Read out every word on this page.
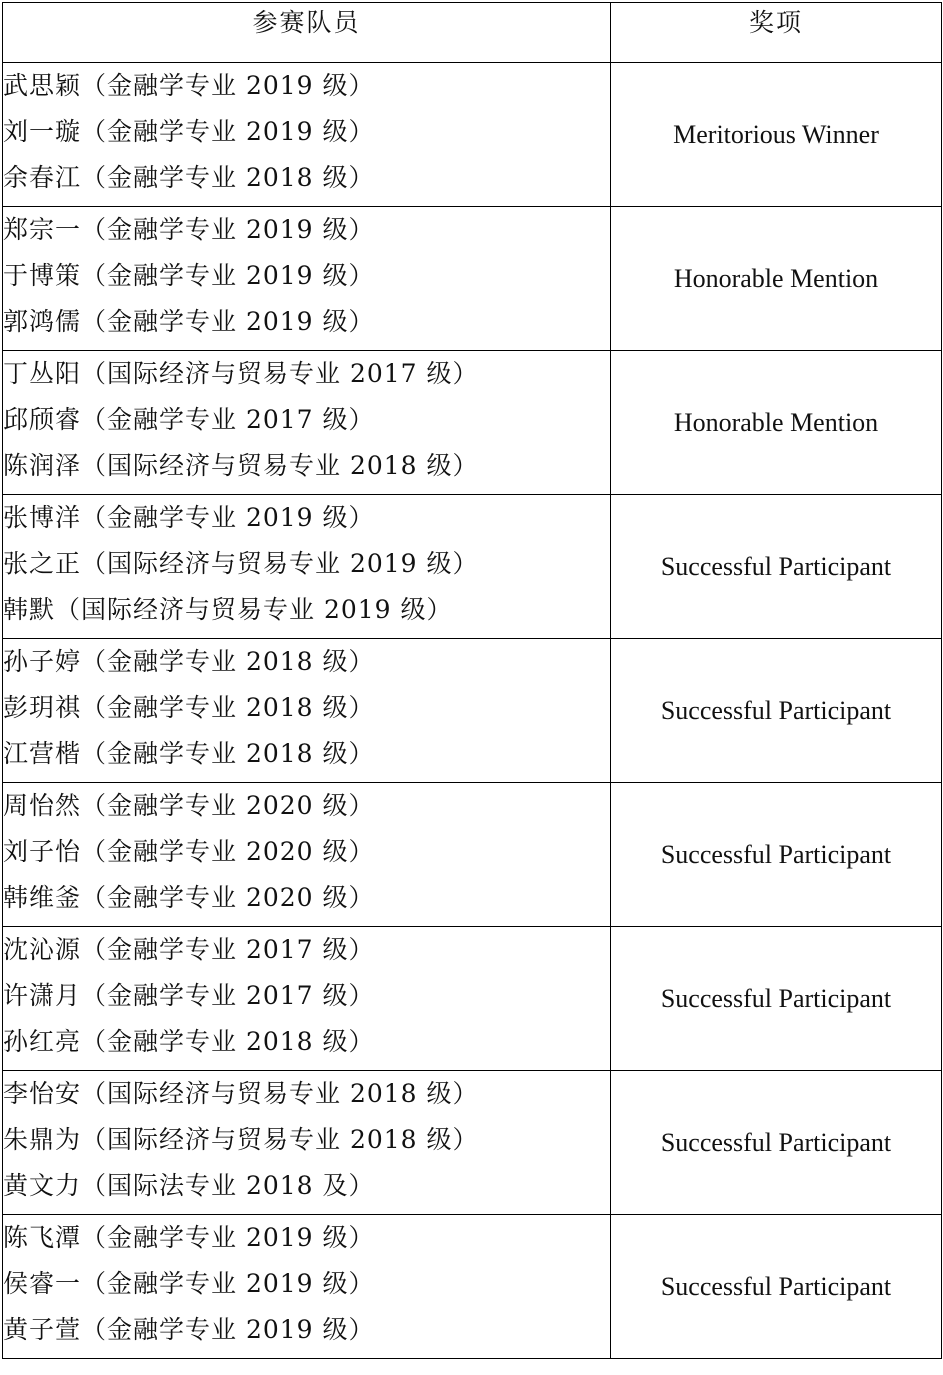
参赛队员	奖项

武思颖（金融学专业 2019 级）
刘一璇（金融学专业 2019 级）
余春江（金融学专业 2018 级）	Meritorious Winner

郑宗一（金融学专业 2019 级）
于博策（金融学专业 2019 级）
郭鸿儒（金融学专业 2019 级）	Honorable Mention

丁丛阳（国际经济与贸易专业 2017 级）
邱颀睿（金融学专业 2017 级）
陈润泽（国际经济与贸易专业 2018 级）	Honorable Mention

张博洋（金融学专业 2019 级）
张之正（国际经济与贸易专业 2019 级）
韩默（国际经济与贸易专业 2019 级）	Successful Participant

孙子婷（金融学专业 2018 级）
彭玥祺（金融学专业 2018 级）
江营楷（金融学专业 2018 级）	Successful Participant

周怡然（金融学专业 2020 级）
刘子怡（金融学专业 2020 级）
韩维釜（金融学专业 2020 级）	Successful Participant

沈沁源（金融学专业 2017 级）
许潇月（金融学专业 2017 级）
孙红亮（金融学专业 2018 级）	Successful Participant

李怡安（国际经济与贸易专业 2018 级）
朱鼎为（国际经济与贸易专业 2018 级）
黄文力（国际法专业 2018 及）	Successful Participant

陈飞潭（金融学专业 2019 级）
侯睿一（金融学专业 2019 级）
黄子萱（金融学专业 2019 级）	Successful Participant
